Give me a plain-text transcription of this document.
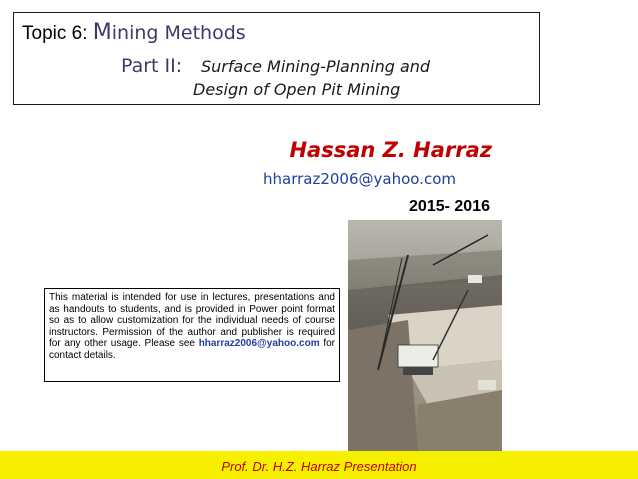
Topic 6: Mining Methods
Part II: Surface Mining-Planning and
Design of Open Pit Mining
Hassan Z. Harraz
hharraz2006@yahoo.com
2015- 2016
This material is intended for use in lectures, presentations and as handouts to students, and is provided in Power point format so as to allow customization for the individual needs of course instructors. Permission of the author and publisher is required for any other usage. Please see hharraz2006@yahoo.com for contact details.
Prof. Dr. H.Z. Harraz Presentation
